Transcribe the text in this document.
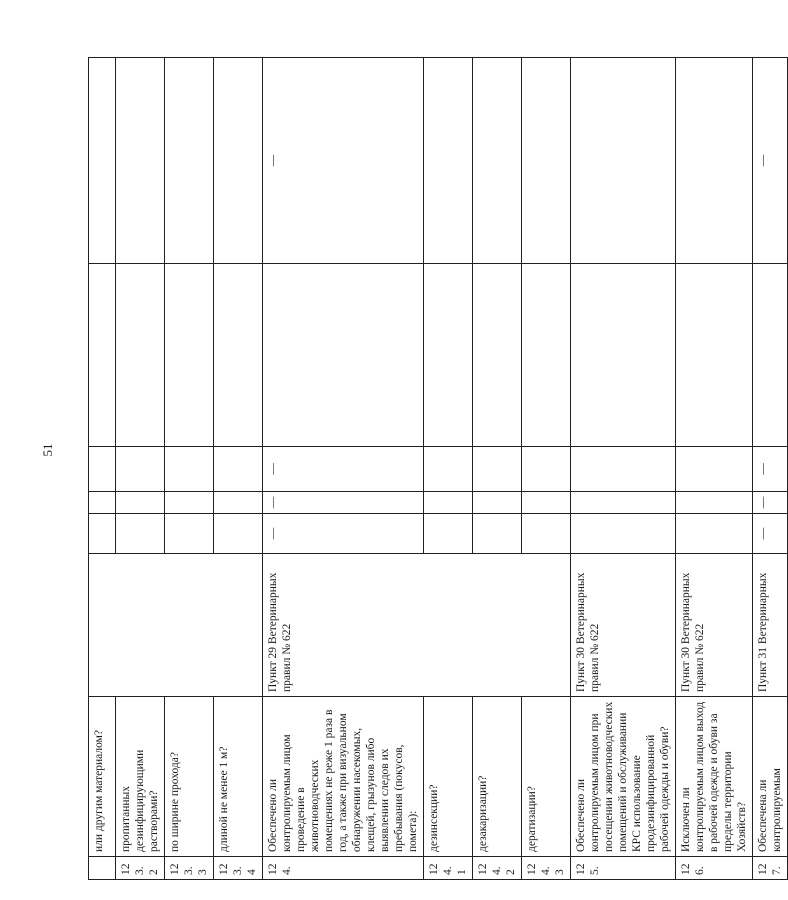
51
	или другим материалом?						
123.2	пропитанных дезинфицирующими растворами?						
123.3	по ширине прохода?						
123.4	длиной не менее 1 м?						
124.	Обеспечено ли контролируемым лицом проведение в животноводческих помещениях не реже 1 раза в год, а также при визуальном обнаружении насекомых, клещей, грызунов либо выявлении следов их пребывания (покусов, помета):	Пункт 29 Ветеринарных правил № 622	—	—	—		—
124.1	дезинсекции?						
124.2	дезакаризации?						
124.3	дератизации?						
125.	Обеспечено ли контролируемым лицом при посещении животноводческих помещений и обслуживании КРС использование продезинфицированной рабочей одежды и обуви?	Пункт 30 Ветеринарных правил № 622					
126.	Исключен ли контролируемым лицом выход в рабочей одежде и обуви за пределы территории Хозяйств?	Пункт 30 Ветеринарных правил № 622					
127.	Обеспечена ли контролируемым	Пункт 31 Ветеринарных	—	—	—		—
